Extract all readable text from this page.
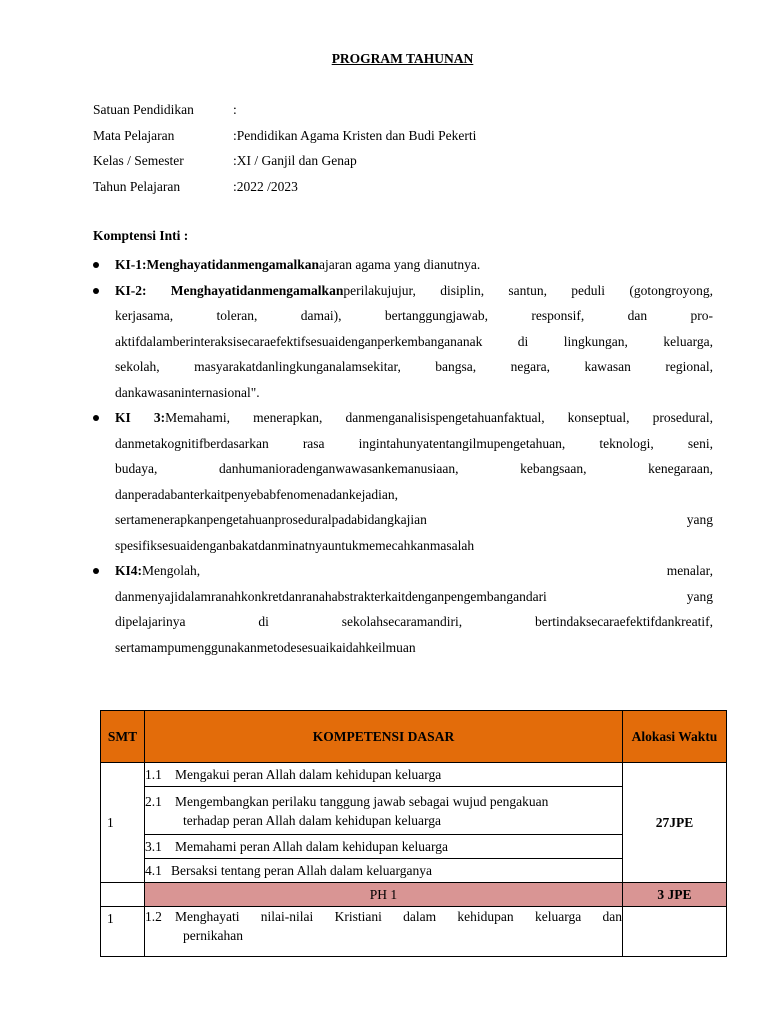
PROGRAM TAHUNAN
Satuan Pendidikan	:
Mata Pelajaran	:Pendidikan Agama Kristen dan Budi Pekerti
Kelas / Semester	:XI / Ganjil dan Genap
Tahun Pelajaran	:2022 /2023
Komptensi Inti :
KI-1:Menghayatidanmengamalkanajaran agama yang dianutnya.
KI-2: Menghayatidanmengamalkanperilakujujur, disiplin, santun, peduli (gotongroyong,
kerjasama, toleran, damai), bertanggungjawab, responsif, dan pro-
aktifdalamberinteraksisecaraefektifsesuaidenganperkembangananak di lingkungan, keluarga,
sekolah, masyarakatdanlingkunganalamsekitar, bangsa, negara, kawasan regional,
dankawasaninternasional".
KI 3:Memahami, menerapkan, danmenganalisispengetahuanfaktual, konseptual, prosedural,
danmetakognitifberdasarkan rasa ingintahunyatentangilmupengetahuan, teknologi, seni,
budaya, danhumanioradenganwawasankemanusiaan, kebangsaan, kenegaraan,
danperadabanterkaitpenyebabfenomenadankejadian,
sertamenerapkanpengetahuanproseduralpadabidangkajian yang
spesifiksesuaidenganbakatdanminatnyauntukmemecahkanmasalah
KI4:Mengolah, menalar,
danmenyajidalamranahkonkretdanranahabstrakterkaitdenganpengembangandari yang
dipelajarinya di sekolahsecaramandiri, bertindaksecaraefektifdankreatif,
sertamampumenggunakanmetodesesuaikaidahkeilmuan
SMT	KOMPETENSI DASAR	Alokasi Waktu
1	1.1 Mengakui peran Allah dalam kehidupan keluarga	27JPE

	2.1 Mengembangkan perilaku tanggung jawab sebagai wujud pengakuan
terhadap peran Allah dalam kehidupan keluarga	

	3.1 Memahami peran Allah dalam kehidupan keluarga	
	4.1 Bersaksi tentang peran Allah dalam keluarganya	
	PH 1	3 JPE
1	1.2 Menghayati nilai-nilai Kristiani dalam kehidupan keluarga dan
pernikahan	
